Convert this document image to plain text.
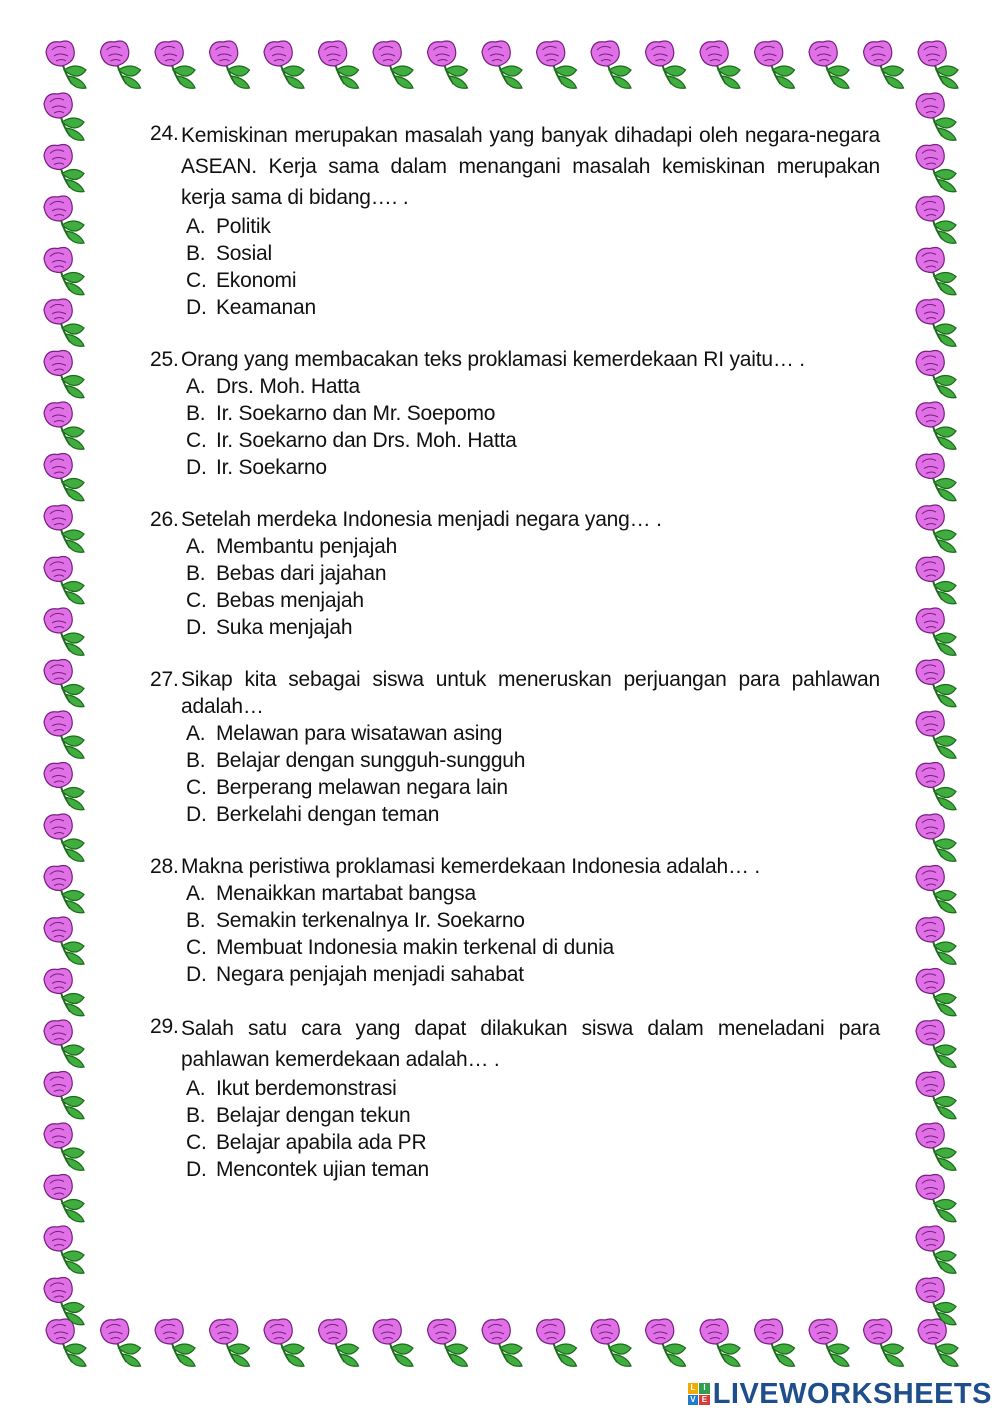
24. Kemiskinan merupakan masalah yang banyak dihadapi oleh negara-negara ASEAN. Kerja sama dalam menangani masalah kemiskinan merupakan kerja sama di bidang…. .
A. Politik
B. Sosial
C. Ekonomi
D. Keamanan
25. Orang yang membacakan teks proklamasi kemerdekaan RI yaitu… .
A. Drs. Moh. Hatta
B. Ir. Soekarno dan Mr. Soepomo
C. Ir. Soekarno dan Drs. Moh. Hatta
D. Ir. Soekarno
26. Setelah merdeka Indonesia menjadi negara yang… .
A. Membantu penjajah
B. Bebas dari jajahan
C. Bebas menjajah
D. Suka menjajah
27. Sikap kita sebagai siswa untuk meneruskan perjuangan para pahlawan adalah…
A. Melawan para wisatawan asing
B. Belajar dengan sungguh-sungguh
C. Berperang melawan negara lain
D. Berkelahi dengan teman
28. Makna peristiwa proklamasi kemerdekaan Indonesia adalah… .
A. Menaikkan martabat bangsa
B. Semakin terkenalnya Ir. Soekarno
C. Membuat Indonesia makin terkenal di dunia
D. Negara penjajah menjadi sahabat
29. Salah satu cara yang dapat dilakukan siswa dalam meneladani para pahlawan kemerdekaan adalah… .
A. Ikut berdemonstrasi
B. Belajar dengan tekun
C. Belajar apabila ada PR
D. Mencontek ujian teman
L I
V E LIVEWORKSHEETS
